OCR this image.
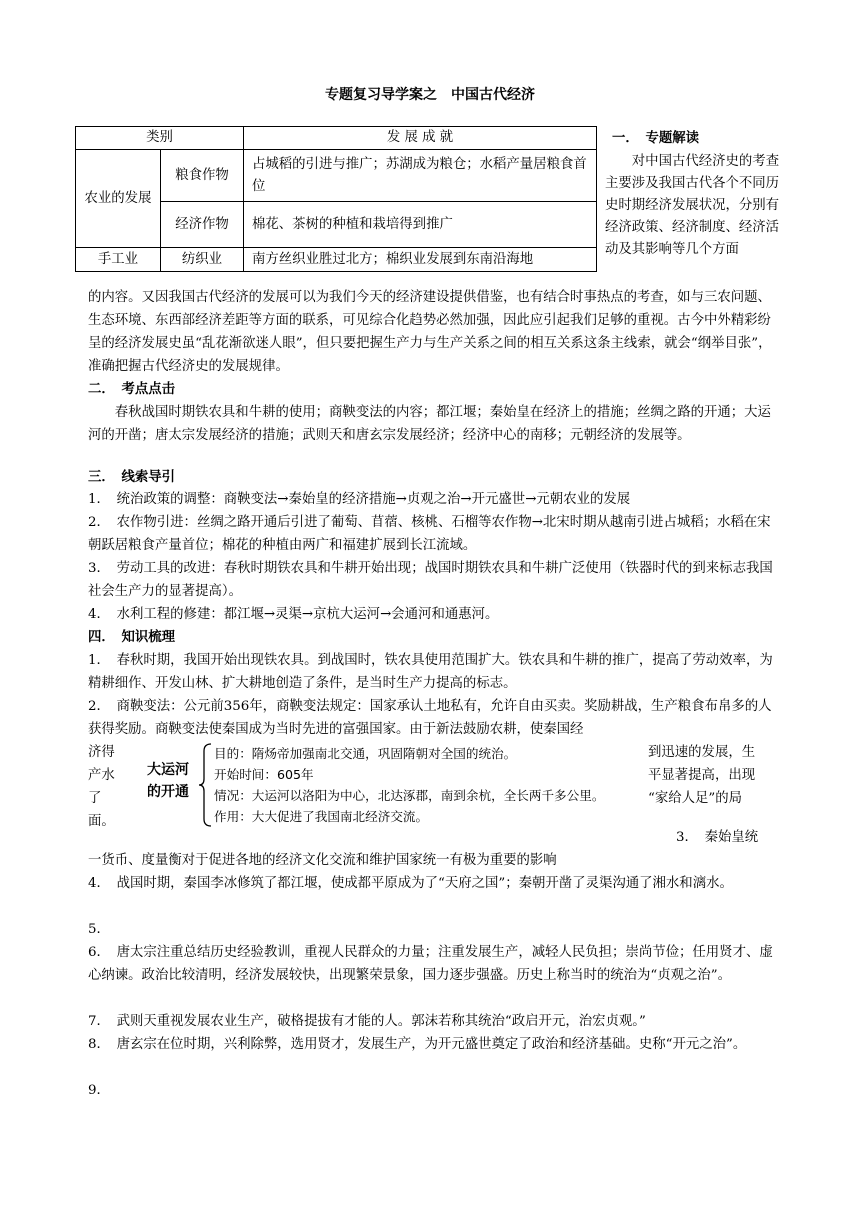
专题复习导学案之　中国古代经济
类别		发 展 成 就
农业的发展	粮食作物	占城稻的引进与推广；苏湖成为粮仓；水稻产量居粮食首位
	经济作物	棉花、茶树的种植和栽培得到推广
手工业	纺织业	南方丝织业胜过北方；棉织业发展到东南沿海地
一．　专题解读
对中国古代经济史的考查主要涉及我国古代各个不同历史时期经济发展状况，分别有经济政策、经济制度、经济活动及其影响等几个方面
的内容。又因我国古代经济的发展可以为我们今天的经济建设提供借鉴，也有结合时事热点的考查，如与三农问题、生态环境、东西部经济差距等方面的联系，可见综合化趋势必然加强，因此应引起我们足够的重视。古今中外精彩纷呈的经济发展史虽“乱花渐欲迷人眼”，但只要把握生产力与生产关系之间的相互关系这条主线索，就会“纲举目张”，准确把握古代经济史的发展规律。
二．　考点点击
春秋战国时期铁农具和牛耕的使用；商鞅变法的内容；都江堰；秦始皇在经济上的措施；丝绸之路的开通；大运河的开凿；唐太宗发展经济的措施；武则天和唐玄宗发展经济；经济中心的南移；元朝经济的发展等。
三．　线索导引
1．　统治政策的调整：商鞅变法→秦始皇的经济措施→贞观之治→开元盛世→元朝农业的发展
2．　农作物引进：丝绸之路开通后引进了葡萄、苜蓿、核桃、石榴等农作物→北宋时期从越南引进占城稻；水稻在宋朝跃居粮食产量首位；棉花的种植由两广和福建扩展到长江流域。
3．　劳动工具的改进：春秋时期铁农具和牛耕开始出现；战国时期铁农具和牛耕广泛使用（铁器时代的到来标志我国社会生产力的显著提高）。
4．　水利工程的修建：都江堰→灵渠→京杭大运河→会通河和通惠河。
四．　知识梳理
1．　春秋时期，我国开始出现铁农具。到战国时，铁农具使用范围扩大。铁农具和牛耕的推广，提高了劳动效率，为精耕细作、开发山林、扩大耕地创造了条件，是当时生产力提高的标志。
2．　商鞅变法：公元前356年，商鞅变法规定：国家承认土地私有，允许自由买卖。奖励耕战，生产粮食布帛多的人获得奖励。商鞅变法使秦国成为当时先进的富强国家。由于新法鼓励农耕，使秦国经
济得
产水
了
面。
大运河的开通
目的：隋炀帝加强南北交通，巩固隋朝对全国的统治。
开始时间：605年
情况：大运河以洛阳为中心，北达涿郡，南到余杭，全长两千多公里。
作用：大大促进了我国南北经济交流。
到迅速的发展，生
平显著提高，出现
“家给人足”的局
3．　秦始皇统
一货币、度量衡对于促进各地的经济文化交流和维护国家统一有极为重要的影响
4．　战国时期，秦国李冰修筑了都江堰，使成都平原成为了“天府之国”；秦朝开凿了灵渠沟通了湘水和漓水。
5．
6．　唐太宗注重总结历史经验教训，重视人民群众的力量；注重发展生产，减轻人民负担；崇尚节俭；任用贤才、虚心纳谏。政治比较清明，经济发展较快，出现繁荣景象，国力逐步强盛。历史上称当时的统治为“贞观之治”。
7．　武则天重视发展农业生产，破格提拔有才能的人。郭沫若称其统治“政启开元，治宏贞观。”
8．　唐玄宗在位时期，兴利除弊，选用贤才，发展生产，为开元盛世奠定了政治和经济基础。史称“开元之治”。
9．
